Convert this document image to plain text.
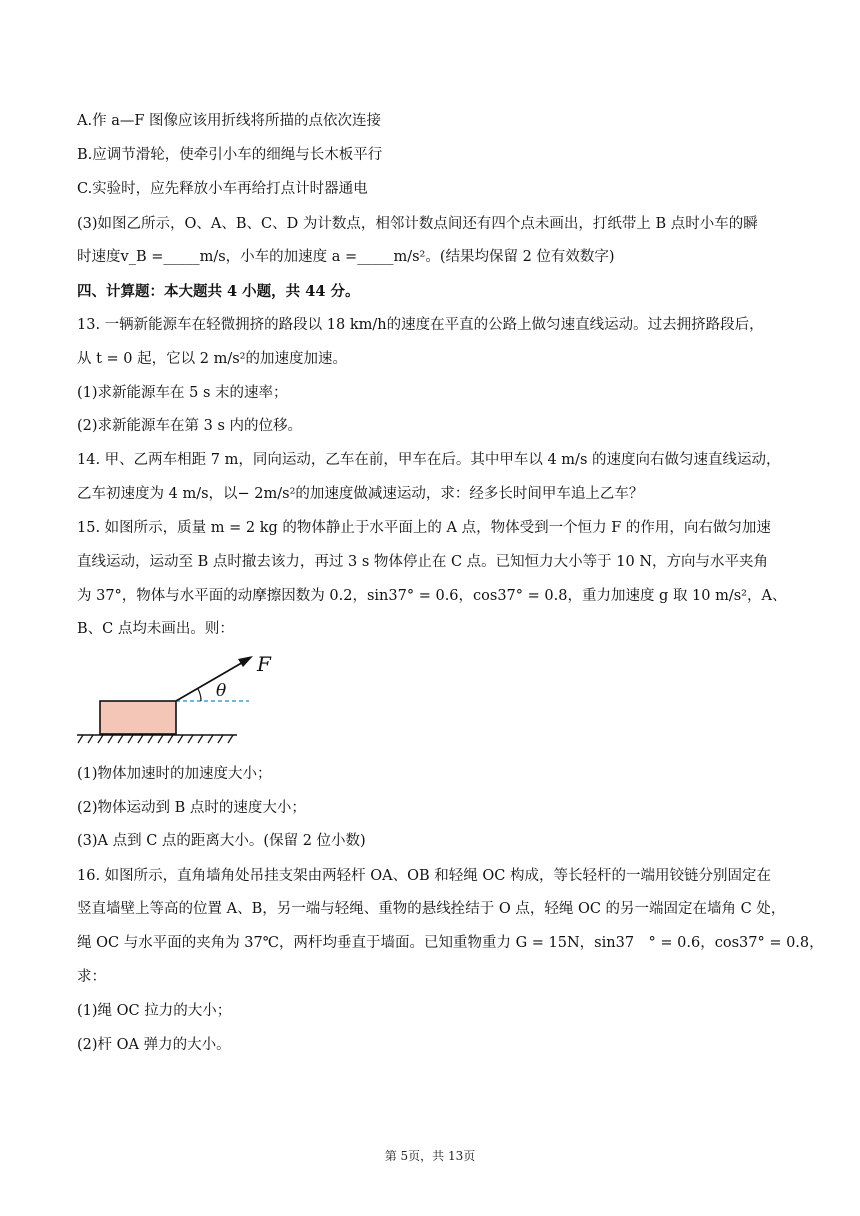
A.作 a—F 图像应该用折线将所描的点依次连接
B.应调节滑轮，使牵引小车的细绳与长木板平行
C.实验时，应先释放小车再给打点计时器通电
(3)如图乙所示，O、A、B、C、D 为计数点，相邻计数点间还有四个点未画出，打纸带上 B 点时小车的瞬
时速度v_B =_____m/s，小车的加速度 a =_____m/s²。(结果均保留 2 位有效数字)
四、计算题：本大题共 4 小题，共 44 分。
13. 一辆新能源车在轻微拥挤的路段以 18 km/h的速度在平直的公路上做匀速直线运动。过去拥挤路段后，
从 t = 0 起，它以 2 m/s²的加速度加速。
(1)求新能源车在 5 s 末的速率；
(2)求新能源车在第 3 s 内的位移。
14. 甲、乙两车相距 7 m，同向运动，乙车在前，甲车在后。其中甲车以 4 m/s 的速度向右做匀速直线运动，
乙车初速度为 4 m/s，以− 2m/s²的加速度做减速运动，求：经多长时间甲车追上乙车？
15. 如图所示，质量 m = 2 kg 的物体静止于水平面上的 A 点，物体受到一个恒力 F 的作用，向右做匀加速
直线运动，运动至 B 点时撤去该力，再过 3 s 物体停止在 C 点。已知恒力大小等于 10 N，方向与水平夹角
为 37°，物体与水平面的动摩擦因数为 0.2，sin37° = 0.6，cos37° = 0.8，重力加速度 g 取 10 m/s²，A、
B、C 点均未画出。则：
F
θ
(1)物体加速时的加速度大小；
(2)物体运动到 B 点时的速度大小；
(3)A 点到 C 点的距离大小。(保留 2 位小数)
16. 如图所示，直角墙角处吊挂支架由两轻杆 OA、OB 和轻绳 OC 构成，等长轻杆的一端用铰链分别固定在
竖直墙壁上等高的位置 A、B，另一端与轻绳、重物的悬线拴结于 O 点，轻绳 OC 的另一端固定在墙角 C 处，
绳 OC 与水平面的夹角为 37℃，两杆均垂直于墙面。已知重物重力 G = 15N，sin37　° = 0.6，cos37° = 0.8，
求：
(1)绳 OC 拉力的大小；
(2)杆 OA 弹力的大小。
第 5页，共 13页
